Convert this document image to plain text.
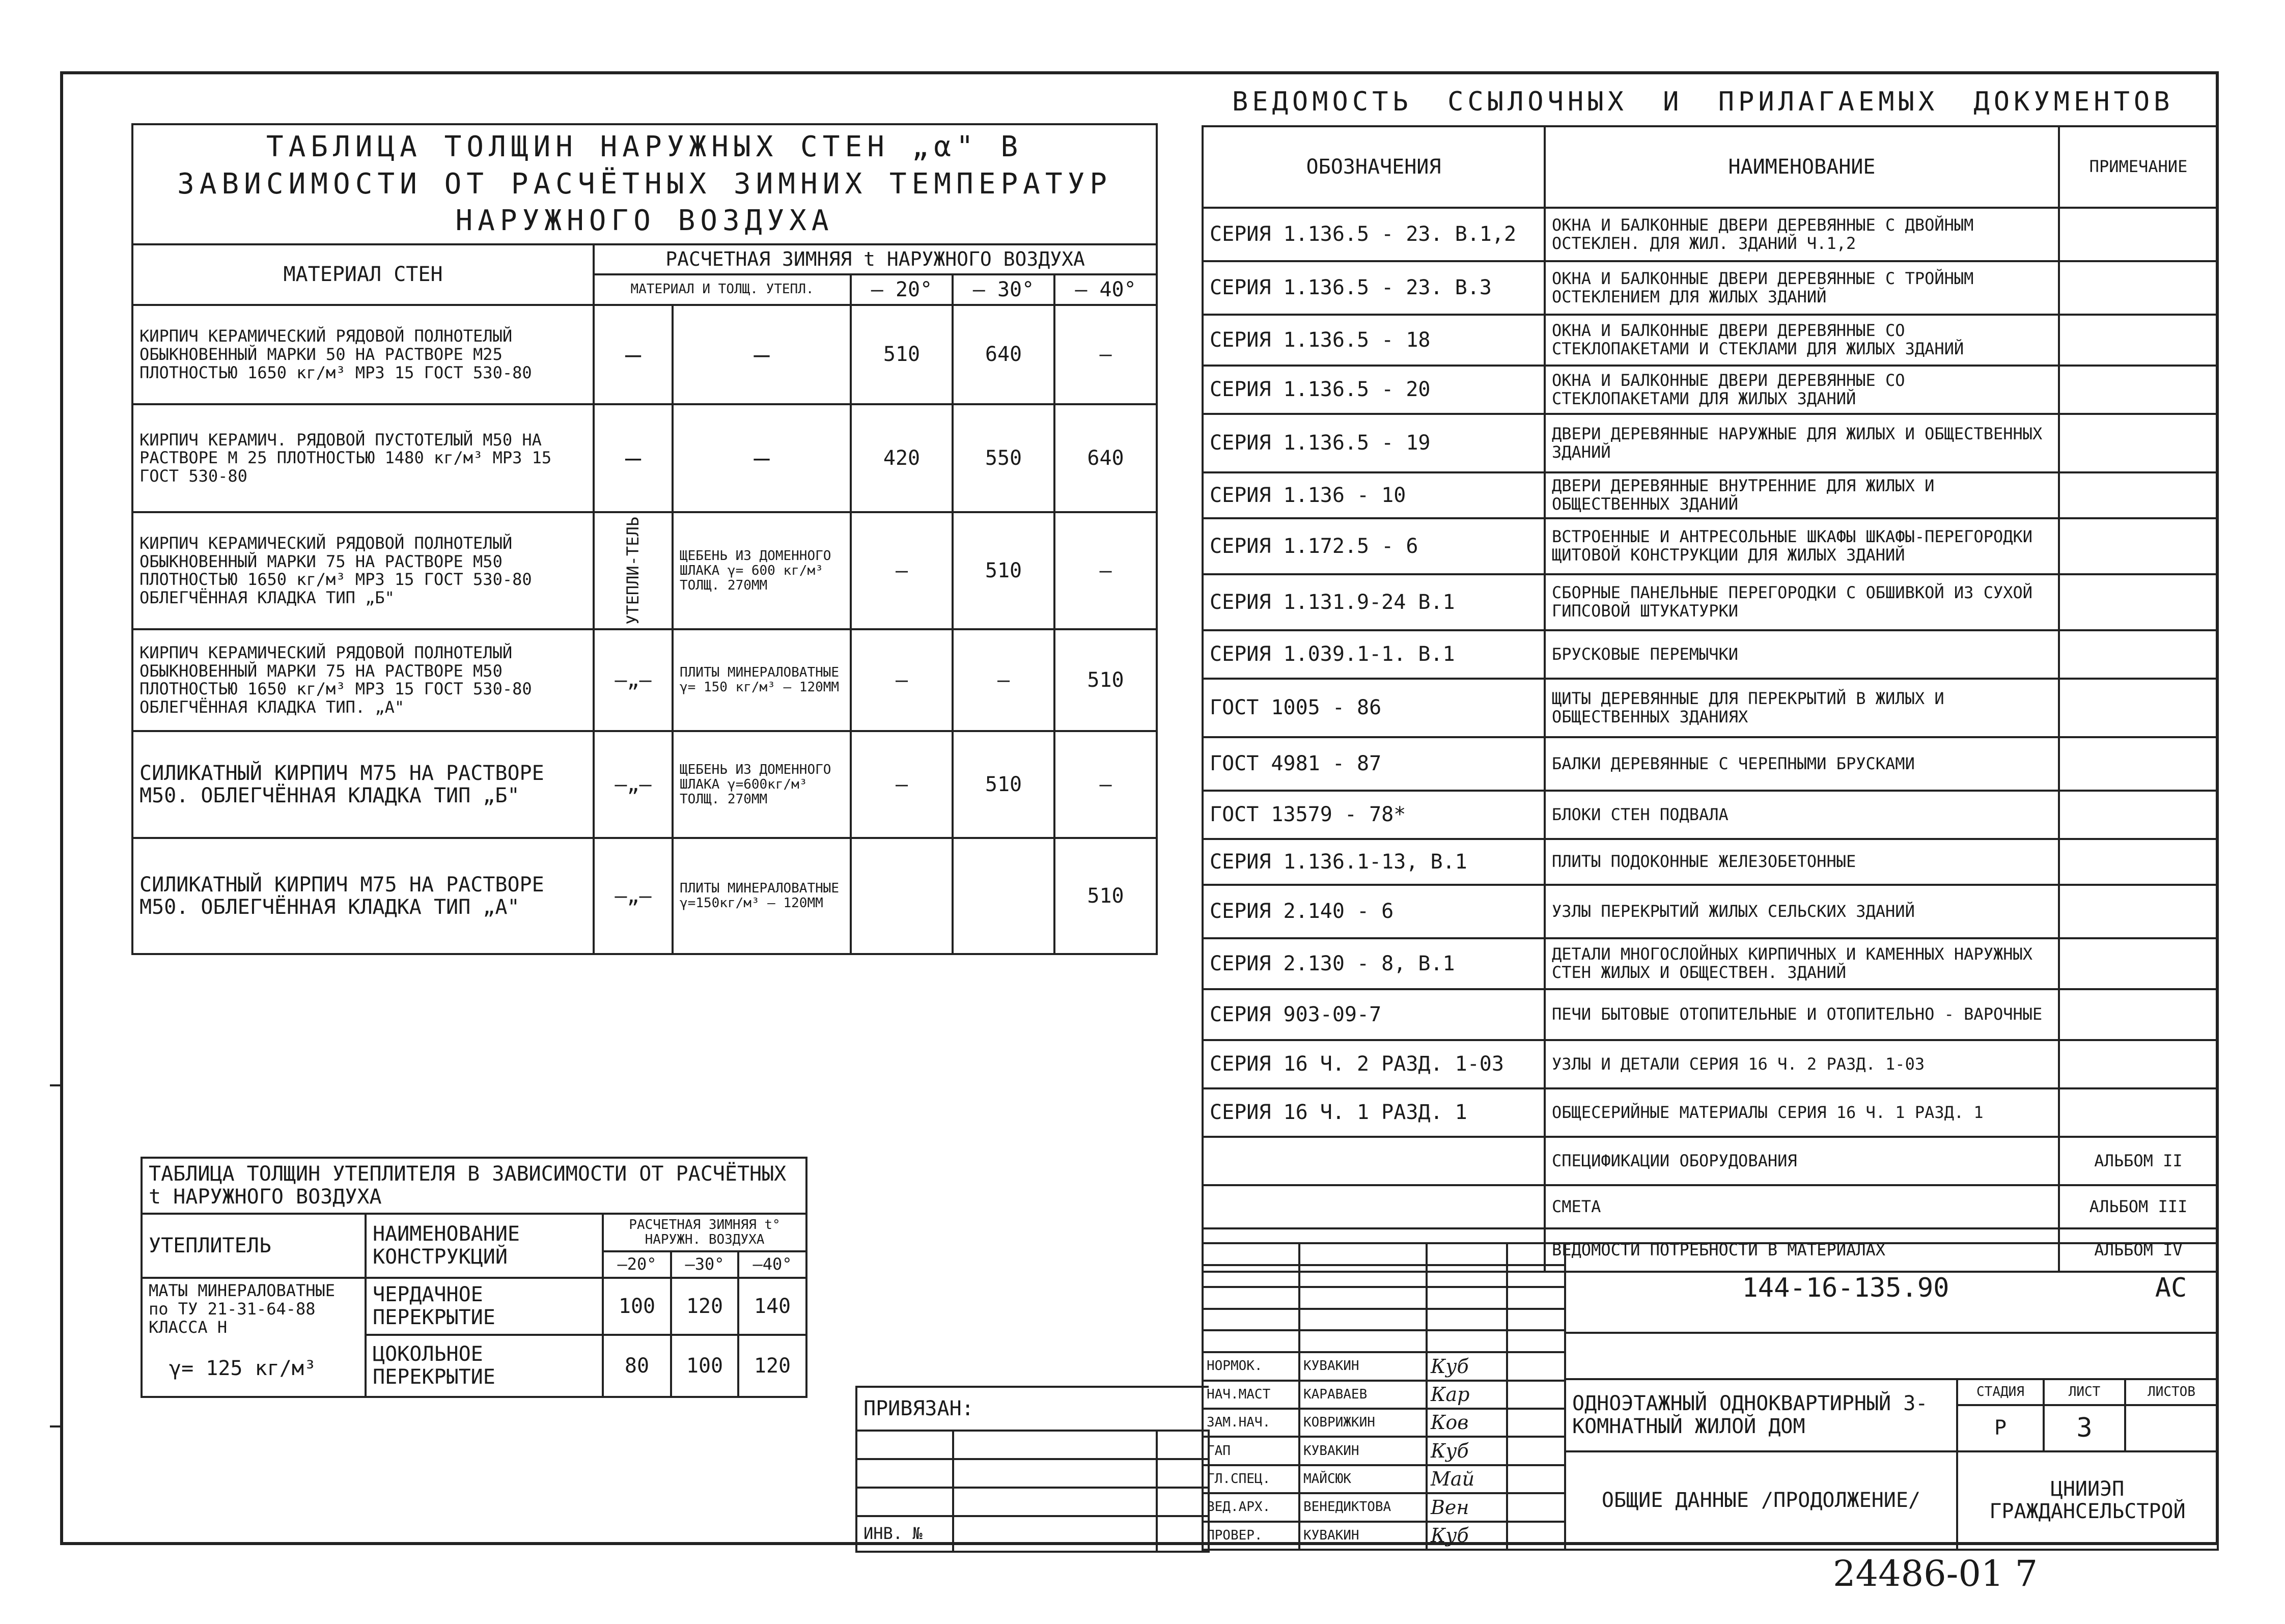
ТАБЛИЦА ТОЛЩИН НАРУЖНЫХ СТЕН „α" В ЗАВИСИМОСТИ ОТ РАСЧЁТНЫХ ЗИМНИХ ТЕМПЕРАТУР НАРУЖНОГО ВОЗДУХА					
МАТЕРИАЛ СТЕН	РАСЧЕТНАЯ ЗИМНЯЯ t НАРУЖНОГО ВОЗДУХА				
	МАТЕРИАЛ И ТОЛЩ. УТЕПЛ.		– 20°	– 30°	– 40°
КИРПИЧ КЕРАМИЧЕСКИЙ РЯДОВОЙ ПОЛНОТЕЛЫЙ ОБЫКНОВЕННЫЙ МАРКИ 50 НА РАСТВОРЕ М25 ПЛОТНОСТЬЮ 1650 кг/м³ МРЗ 15 ГОСТ 530-80	—	—	510	640	—
КИРПИЧ КЕРАМИЧ. РЯДОВОЙ ПУСТОТЕЛЫЙ М50 НА РАСТВОРЕ М 25 ПЛОТНОСТЬЮ 1480 кг/м³ МРЗ 15 ГОСТ 530-80	—	—	420	550	640
КИРПИЧ КЕРАМИЧЕСКИЙ РЯДОВОЙ ПОЛНОТЕЛЫЙ ОБЫКНОВЕННЫЙ МАРКИ 75 НА РАСТВОРЕ М50 ПЛОТНОСТЬЮ 1650 кг/м³ МРЗ 15 ГОСТ 530-80 ОБЛЕГЧЁННАЯ КЛАДКА ТИП „Б"	УТЕПЛИ-ТЕЛЬ	ЩЕБЕНЬ ИЗ ДОМЕННОГО ШЛАКА γ= 600 кг/м³ ТОЛЩ. 270ММ	—	510	—
КИРПИЧ КЕРАМИЧЕСКИЙ РЯДОВОЙ ПОЛНОТЕЛЫЙ ОБЫКНОВЕННЫЙ МАРКИ 75 НА РАСТВОРЕ М50 ПЛОТНОСТЬЮ 1650 кг/м³ МРЗ 15 ГОСТ 530-80 ОБЛЕГЧЁННАЯ КЛАДКА ТИП. „А"	—„—	ПЛИТЫ МИНЕРАЛОВАТНЫЕ γ= 150 кг/м³ – 120ММ	—	—	510
СИЛИКАТНЫЙ КИРПИЧ М75 НА РАСТВОРЕ М50. ОБЛЕГЧЁННАЯ КЛАДКА ТИП „Б"	—„—	ЩЕБЕНЬ ИЗ ДОМЕННОГО ШЛАКА γ=600кг/м³ ТОЛЩ. 270ММ	—	510	—
СИЛИКАТНЫЙ КИРПИЧ М75 НА РАСТВОРЕ М50. ОБЛЕГЧЁННАЯ КЛАДКА ТИП „А"	—„—	ПЛИТЫ МИНЕРАЛОВАТНЫЕ γ=150кг/м³ – 120ММ			510
ТАБЛИЦА ТОЛЩИН УТЕПЛИТЕЛЯ В ЗАВИСИМОСТИ ОТ РАСЧЁТНЫХ t НАРУЖНОГО ВОЗДУХА				
УТЕПЛИТЕЛЬ	НАИМЕНОВАНИЕ КОНСТРУКЦИЙ	РАСЧЕТНАЯ ЗИМНЯЯ t° НАРУЖН. ВОЗДУХА		
		–20°	–30°	–40°

МАТЫ МИНЕРАЛОВАТНЫЕ по ТУ 21-31-64-88 КЛАССА Н
γ= 125 кг/м³	ЧЕРДАЧНОЕ ПЕРЕКРЫТИЕ	100	120	140
	ЦОКОЛЬНОЕ ПЕРЕКРЫТИЕ	80	100	120
ВЕДОМОСТЬ ССЫЛОЧНЫХ И ПРИЛАГАЕМЫХ ДОКУМЕНТОВ
ОБОЗНАЧЕНИЯ	НАИМЕНОВАНИЕ	ПРИМЕЧАНИЕ
СЕРИЯ 1.136.5 - 23. В.1,2	ОКНА И БАЛКОННЫЕ ДВЕРИ ДЕРЕВЯННЫЕ С ДВОЙНЫМ ОСТЕКЛЕН. ДЛЯ ЖИЛ. ЗДАНИЙ Ч.1,2	
СЕРИЯ 1.136.5 - 23. В.3	ОКНА И БАЛКОННЫЕ ДВЕРИ ДЕРЕВЯННЫЕ С ТРОЙНЫМ ОСТЕКЛЕНИЕМ ДЛЯ ЖИЛЫХ ЗДАНИЙ	
СЕРИЯ 1.136.5 - 18	ОКНА И БАЛКОННЫЕ ДВЕРИ ДЕРЕВЯННЫЕ СО СТЕКЛОПАКЕТАМИ И СТЕКЛАМИ ДЛЯ ЖИЛЫХ ЗДАНИЙ	
СЕРИЯ 1.136.5 - 20	ОКНА И БАЛКОННЫЕ ДВЕРИ ДЕРЕВЯННЫЕ СО СТЕКЛОПАКЕТАМИ ДЛЯ ЖИЛЫХ ЗДАНИЙ	
СЕРИЯ 1.136.5 - 19	ДВЕРИ ДЕРЕВЯННЫЕ НАРУЖНЫЕ ДЛЯ ЖИЛЫХ И ОБЩЕСТВЕННЫХ ЗДАНИЙ	
СЕРИЯ 1.136 - 10	ДВЕРИ ДЕРЕВЯННЫЕ ВНУТРЕННИЕ ДЛЯ ЖИЛЫХ И ОБЩЕСТВЕННЫХ ЗДАНИЙ	
СЕРИЯ 1.172.5 - 6	ВСТРОЕННЫЕ И АНТРЕСОЛЬНЫЕ ШКАФЫ ШКАФЫ-ПЕРЕГОРОДКИ ЩИТОВОЙ КОНСТРУКЦИИ ДЛЯ ЖИЛЫХ ЗДАНИЙ	
СЕРИЯ 1.131.9-24 В.1	СБОРНЫЕ ПАНЕЛЬНЫЕ ПЕРЕГОРОДКИ С ОБШИВКОЙ ИЗ СУХОЙ ГИПСОВОЙ ШТУКАТУРКИ	
СЕРИЯ 1.039.1-1. В.1	БРУСКОВЫЕ ПЕРЕМЫЧКИ	
ГОСТ 1005 - 86	ЩИТЫ ДЕРЕВЯННЫЕ ДЛЯ ПЕРЕКРЫТИЙ В ЖИЛЫХ И ОБЩЕСТВЕННЫХ ЗДАНИЯХ	
ГОСТ 4981 - 87	БАЛКИ ДЕРЕВЯННЫЕ С ЧЕРЕПНЫМИ БРУСКАМИ	
ГОСТ 13579 - 78*	БЛОКИ СТЕН ПОДВАЛА	
СЕРИЯ 1.136.1-13, В.1	ПЛИТЫ ПОДОКОННЫЕ ЖЕЛЕЗОБЕТОННЫЕ	
СЕРИЯ 2.140 - 6	УЗЛЫ ПЕРЕКРЫТИЙ ЖИЛЫХ СЕЛЬСКИХ ЗДАНИЙ	
СЕРИЯ 2.130 - 8, В.1	ДЕТАЛИ МНОГОСЛОЙНЫХ КИРПИЧНЫХ И КАМЕННЫХ НАРУЖНЫХ СТЕН ЖИЛЫХ И ОБЩЕСТВЕН. ЗДАНИЙ	
СЕРИЯ 903-09-7	ПЕЧИ БЫТОВЫЕ ОТОПИТЕЛЬНЫЕ И ОТОПИТЕЛЬНО - ВАРОЧНЫЕ	
СЕРИЯ 16 Ч. 2 РАЗД. 1-03	УЗЛЫ И ДЕТАЛИ СЕРИЯ 16 Ч. 2 РАЗД. 1-03	
СЕРИЯ 16 Ч. 1 РАЗД. 1	ОБЩЕСЕРИЙНЫЕ МАТЕРИАЛЫ СЕРИЯ 16 Ч. 1 РАЗД. 1	
	СПЕЦИФИКАЦИИ ОБОРУДОВАНИЯ	АЛЬБОМ II
	СМЕТА	АЛЬБОМ III
	ВЕДОМОСТИ ПОТРЕБНОСТИ В МАТЕРИАЛАХ	АЛЬБОМ IV

НОРМОК.	КУВАКИН	Куб	
НАЧ.МАСТ	КАРАВАЕВ	Кар	
ЗАМ.НАЧ.	КОВРИЖКИН	Ков	
ГАП	КУВАКИН	Куб	
ГЛ.СПЕЦ.	МАЙСЮК	Май	
ВЕД.АРХ.	ВЕНЕДИКТОВА	Вен	
ПРОВЕР.	КУВАКИН	Куб	
144-16-135.90			АС

ОДНОЭТАЖНЫЙ ОДНОКВАРТИРНЫЙ 3-КОМНАТНЫЙ ЖИЛОЙ ДОМ	СТАДИЯ	ЛИСТ	ЛИСТОВ
	Р	3	
ОБЩИЕ ДАННЫЕ /ПРОДОЛЖЕНИЕ/	ЦНИИЭП ГРАЖДАНСЕЛЬСТРОЙ		
ПРИВЯЗАН:		

ИНВ. №		
24486-01 7
